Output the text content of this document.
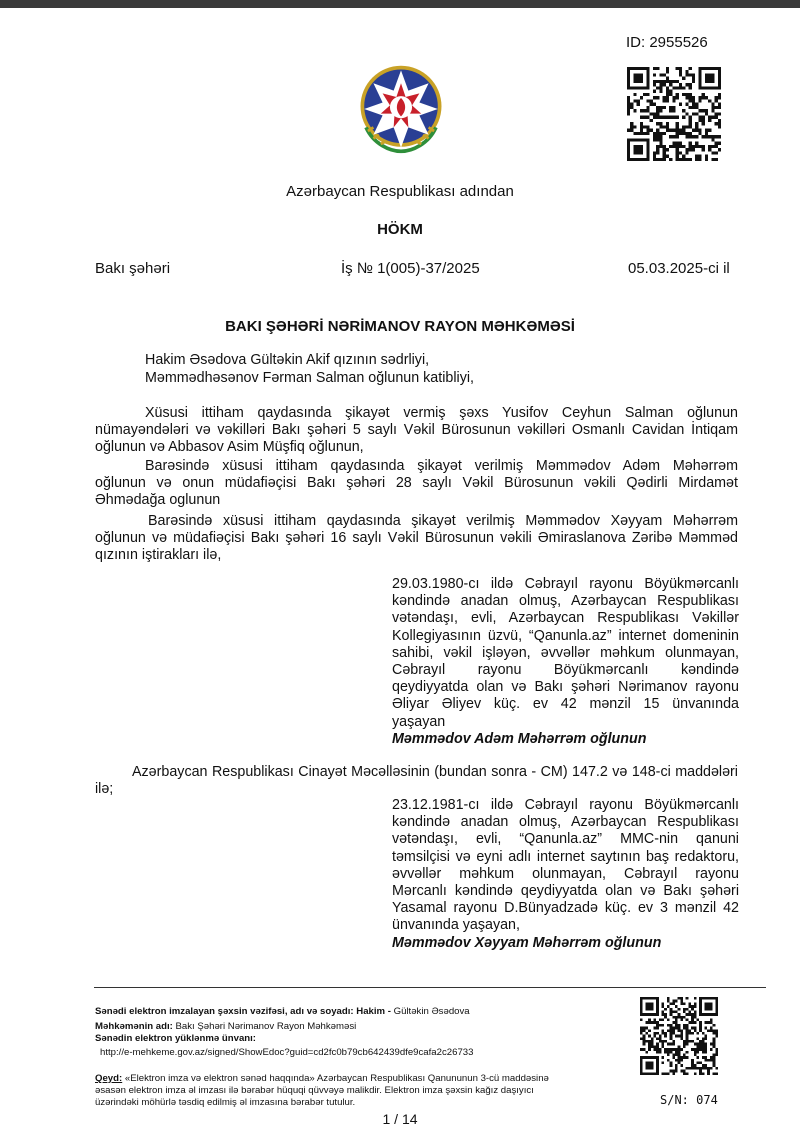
ID: 2955526
Azərbaycan Respublikası adından
HÖKM
Bakı şəhəri	İş № 1(005)-37/2025	05.03.2025-ci il
BAKI ŞƏHƏRİ NƏRİMANOV RAYON MƏHKƏMƏSİ
Hakim Əsədova Gültəkin Akif qızının sədrliyi,
Məmmədhəsənov Fərman Salman oğlunun katibliyi,
Xüsusi ittiham qaydasında şikayət vermiş şəxs Yusifov Ceyhun Salman oğlunun
nümayəndələri və vəkilləri Bakı şəhəri 5 saylı Vəkil Bürosunun vəkilləri Osmanlı Cavidan İntiqam
oğlunun və Abbasov Asim Müşfiq oğlunun,
Barəsində xüsusi ittiham qaydasında şikayət verilmiş Məmmədov Adəm Məhərrəm
oğlunun və onun müdafiəçisi Bakı şəhəri 28 saylı Vəkil Bürosunun vəkili Qədirli Mirdamət
Əhmədağa oglunun
Barəsində xüsusi ittiham qaydasında şikayət verilmiş Məmmədov Xəyyam Məhərrəm
oğlunun və müdafiəçisi Bakı şəhəri 16 saylı Vəkil Bürosunun vəkili Əmiraslanova Zəribə Məmməd
qızının iştirakları ilə,
29.03.1980-cı ildə Cəbrayıl rayonu Böyükmərcanlı
kəndində anadan olmuş, Azərbaycan Respublikası
vətəndaşı, evli, Azərbaycan Respublikası Vəkillər
Kollegiyasının üzvü, “Qanunla.az” internet domeninin
sahibi, vəkil işləyən, əvvəllər məhkum olunmayan,
Cəbrayıl rayonu Böyükmərcanlı kəndində
qeydiyyatda olan və Bakı şəhəri Nərimanov rayonu
Əliyar Əliyev küç. ev 42 mənzil 15 ünvanında
yaşayan
Məmmədov Adəm Məhərrəm oğlunun
Azərbaycan Respublikası Cinayət Məcəlləsinin (bundan sonra - CM) 147.2 və 148-ci maddələri
ilə;
23.12.1981-cı ildə Cəbrayıl rayonu Böyükmərcanlı
kəndində anadan olmuş, Azərbaycan Respublikası
vətəndaşı, evli, “Qanunla.az” MMC-nin qanuni
təmsilçisi və eyni adlı internet saytının baş redaktoru,
əvvəllər məhkum olunmayan, Cəbrayıl rayonu
Mərcanlı kəndində qeydiyyatda olan və Bakı şəhəri
Yasamal rayonu D.Bünyadzadə küç. ev 3 mənzil 42
ünvanında yaşayan,
Məmmədov Xəyyam Məhərrəm oğlunun
Sənədi elektron imzalayan şəxsin vəzifəsi, adı və soyadı: Hakim - Gültəkin Əsədova
Məhkəmənin adı: Bakı Şəhəri Nərimanov Rayon Məhkəməsi
Sənədin elektron yüklənmə ünvanı:
http://e-mehkeme.gov.az/signed/ShowEdoc?guid=cd2fc0b79cb642439dfe9cafa2c26733
Qeyd: «Elektron imza və elektron sənəd haqqında» Azərbaycan Respublikası Qanununun 3-cü maddəsinə
əsasən elektron imza əl imzası ilə bərabər hüquqi qüvvəyə malikdir. Elektron imza şəxsin kağız daşıyıcı
üzərindəki möhürlə təsdiq edilmiş əl imzasına bərabər tutulur.	S/N: 074
1 / 14
